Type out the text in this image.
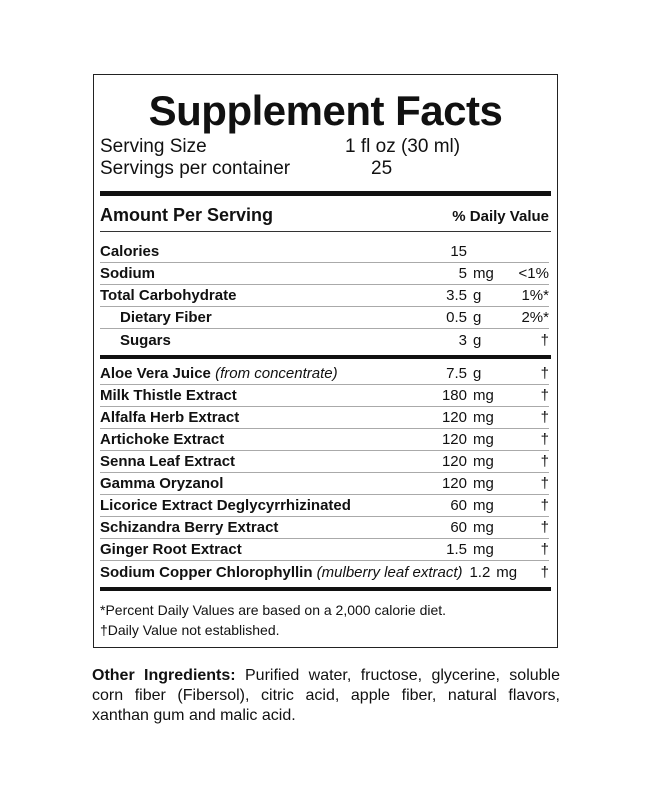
Supplement Facts
Serving Size	1 fl oz (30 ml)
Servings per container	25
Amount Per Serving	% Daily Value
Calories	15
Sodium	5 mg	<1%
Total Carbohydrate	3.5 g	1%*
Dietary Fiber	0.5 g	2%*
Sugars	3 g	†
Aloe Vera Juice (from concentrate)	7.5 g	†
Milk Thistle Extract	180 mg	†
Alfalfa Herb Extract	120 mg	†
Artichoke Extract	120 mg	†
Senna Leaf Extract	120 mg	†
Gamma Oryzanol	120 mg	†
Licorice Extract Deglycyrrhizinated	60 mg	†
Schizandra Berry Extract	60 mg	†
Ginger Root Extract	1.5 mg	†
Sodium Copper Chlorophyllin (mulberry leaf extract) 1.2 mg	†
*Percent Daily Values are based on a 2,000 calorie diet.
†Daily Value not established.
Other Ingredients: Purified water, fructose, glycerine, soluble corn fiber (Fibersol), citric acid, apple fiber, natural flavors, xanthan gum and malic acid.
